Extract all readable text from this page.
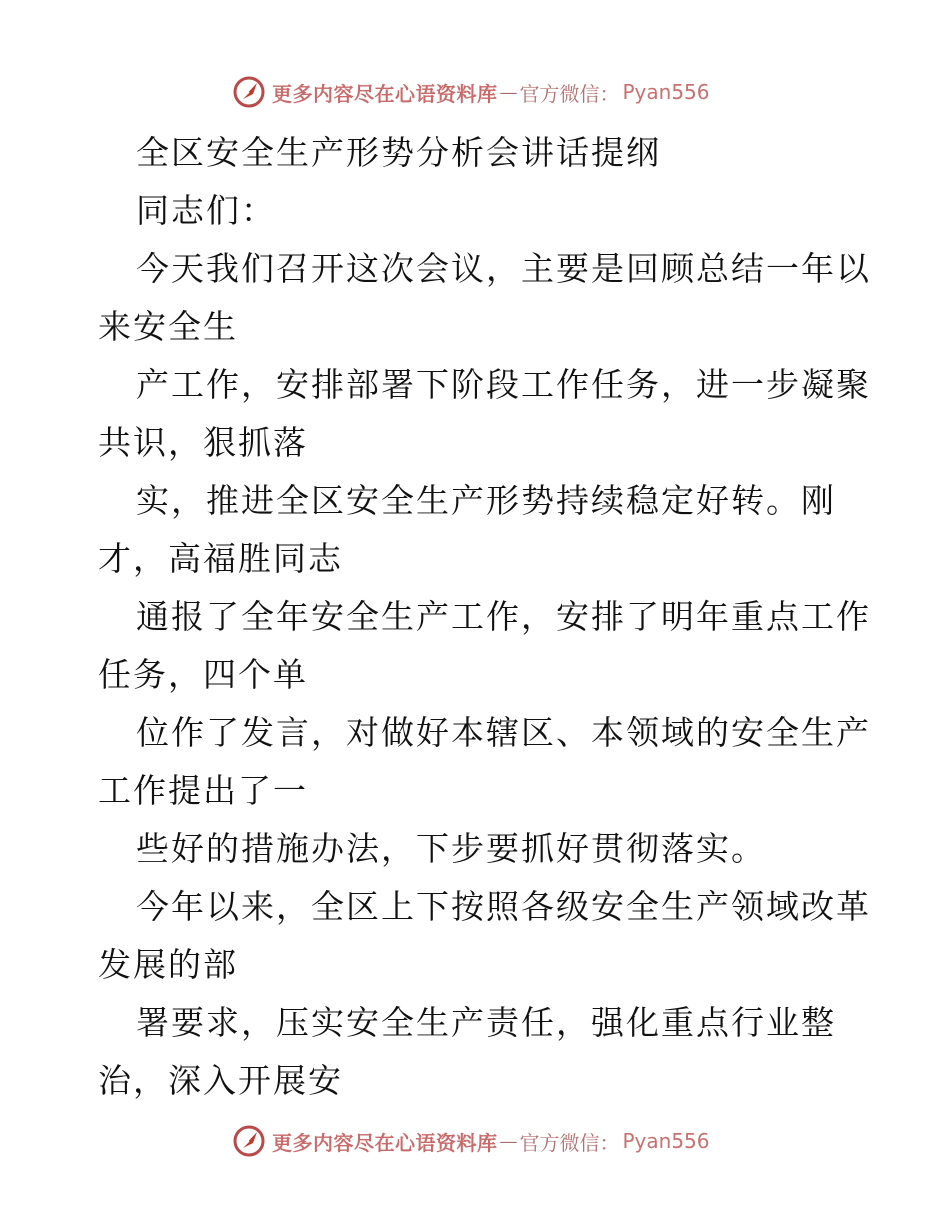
更多内容尽在心语资料库 — 官方微信： Pyan556
全区安全生产形势分析会讲话提纲
同志们：
今天我们召开这次会议，主要是回顾总结一年以
来安全生
产工作，安排部署下阶段工作任务，进一步凝聚
共识，狠抓落
实，推进全区安全生产形势持续稳定好转。刚
才，高福胜同志
通报了全年安全生产工作，安排了明年重点工作
任务，四个单
位作了发言，对做好本辖区、本领域的安全生产
工作提出了一
些好的措施办法，下步要抓好贯彻落实。
今年以来，全区上下按照各级安全生产领域改革
发展的部
署要求，压实安全生产责任，强化重点行业整
治，深入开展安
更多内容尽在心语资料库 — 官方微信： Pyan556
